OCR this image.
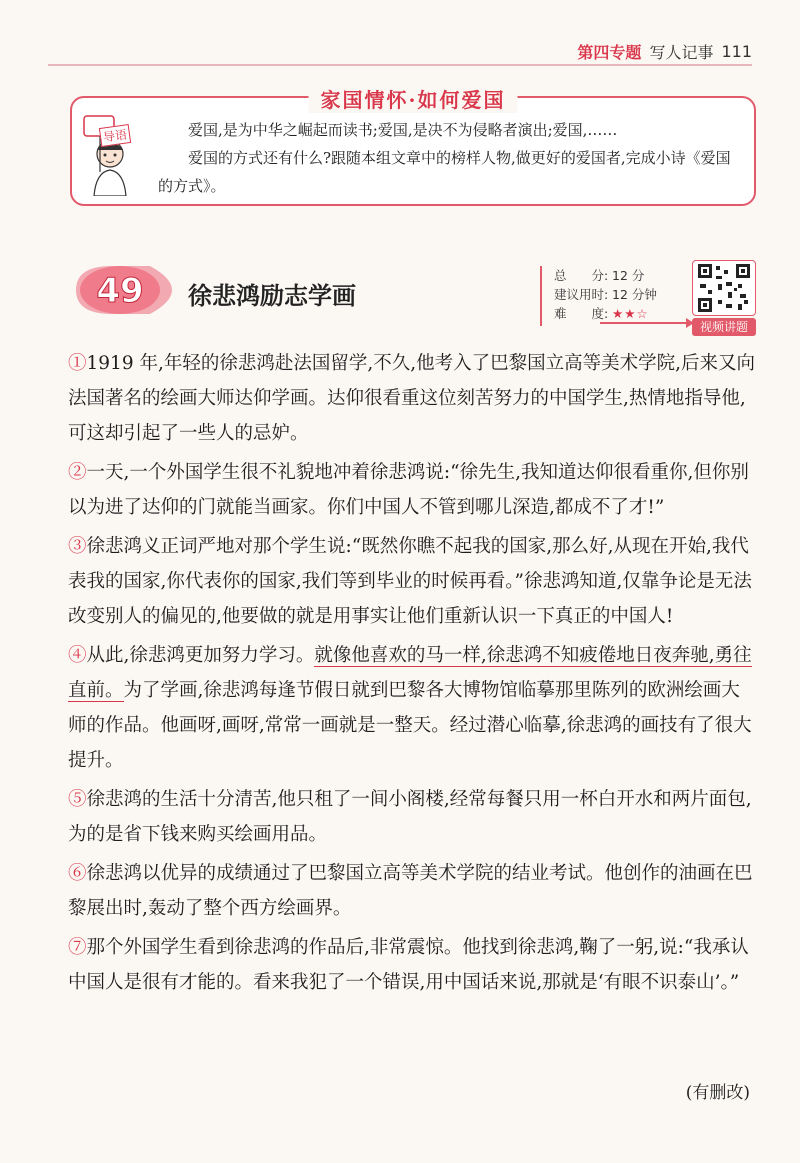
第四专题 写人记事 111
家国情怀·如何爱国
导语	爱国,是为中华之崛起而读书;爱国,是决不为侵略者演出;爱国,……

爱国的方式还有什么?跟随本组文章中的榜样人物,做更好的爱国者,完成小诗《爱国的方式》。

49 徐悲鸿励志学画
总　　分: 12 分
建议用时: 12 分钟
难　　度: ★★☆
视频讲题

①1919 年,年轻的徐悲鸿赴法国留学,不久,他考入了巴黎国立高等美术学院,后来又向法国著名的绘画大师达仰学画。达仰很看重这位刻苦努力的中国学生,热情地指导他,可这却引起了一些人的忌妒。

②一天,一个外国学生很不礼貌地冲着徐悲鸿说:“徐先生,我知道达仰很看重你,但你别以为进了达仰的门就能当画家。你们中国人不管到哪儿深造,都成不了才!”

③徐悲鸿义正词严地对那个学生说:“既然你瞧不起我的国家,那么好,从现在开始,我代表我的国家,你代表你的国家,我们等到毕业的时候再看。”徐悲鸿知道,仅靠争论是无法改变别人的偏见的,他要做的就是用事实让他们重新认识一下真正的中国人!

④从此,徐悲鸿更加努力学习。就像他喜欢的马一样,徐悲鸿不知疲倦地日夜奔驰,勇往直前。为了学画,徐悲鸿每逢节假日就到巴黎各大博物馆临摹那里陈列的欧洲绘画大师的作品。他画呀,画呀,常常一画就是一整天。经过潜心临摹,徐悲鸿的画技有了很大提升。

⑤徐悲鸿的生活十分清苦,他只租了一间小阁楼,经常每餐只用一杯白开水和两片面包,为的是省下钱来购买绘画用品。

⑥徐悲鸿以优异的成绩通过了巴黎国立高等美术学院的结业考试。他创作的油画在巴黎展出时,轰动了整个西方绘画界。

⑦那个外国学生看到徐悲鸿的作品后,非常震惊。他找到徐悲鸿,鞠了一躬,说:“我承认中国人是很有才能的。看来我犯了一个错误,用中国话来说,那就是‘有眼不识泰山’。”

(有删改)
